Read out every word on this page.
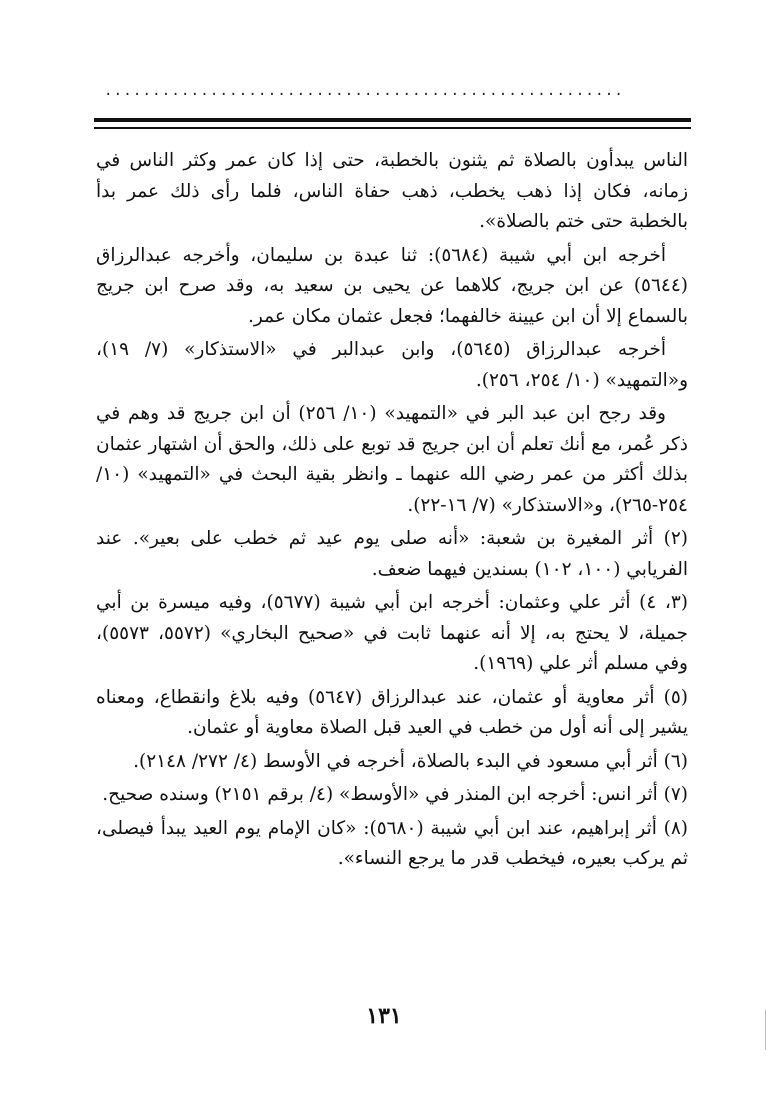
......................................................

الناس يبدأون بالصلاة ثم يثنون بالخطبة، حتى إذا كان عمر وكثر الناس في زمانه، فكان إذا ذهب يخطب، ذهب حفاة الناس، فلما رأى ذلك عمر بدأ بالخطبة حتى ختم بالصلاة».

أخرجه ابن أبي شيبة (٥٦٨٤): ثنا عبدة بن سليمان، وأخرجه عبدالرزاق (٥٦٤٤) عن ابن جريج، كلاهما عن يحيى بن سعيد به، وقد صرح ابن جريج بالسماع إلا أن ابن عيينة خالفهما؛ فجعل عثمان مكان عمر.

أخرجه عبدالرزاق (٥٦٤٥)، وابن عبدالبر في «الاستذكار» (٧/ ١٩)، و«التمهيد» (١٠/ ٢٥٤، ٢٥٦).

وقد رجح ابن عبد البر في «التمهيد» (١٠/ ٢٥٦) أن ابن جريج قد وهم في ذكر عُمر، مع أنك تعلم أن ابن جريج قد توبع على ذلك، والحق أن اشتهار عثمان بذلك أكثر من عمر رضي الله عنهما ـ وانظر بقية البحث في «التمهيد» (١٠/ ٢٥٤-٢٦٥)، و«الاستذكار» (٧/ ١٦-٢٢).

(٢) أثر المغيرة بن شعبة: «أنه صلى يوم عيد ثم خطب على بعير». عند الفريابي (١٠٠، ١٠٢) بسندين فيهما ضعف.

(٣، ٤) أثر علي وعثمان: أخرجه ابن أبي شيبة (٥٦٧٧)، وفيه ميسرة بن أبي جميلة، لا يحتج به، إلا أنه عنهما ثابت في «صحيح البخاري» (٥٥٧٢، ٥٥٧٣)، وفي مسلم أثر علي (١٩٦٩).

(٥) أثر معاوية أو عثمان، عند عبدالرزاق (٥٦٤٧) وفيه بلاغ وانقطاع، ومعناه يشير إلى أنه أول من خطب في العيد قبل الصلاة معاوية أو عثمان.

(٦) أثر أبي مسعود في البدء بالصلاة، أخرجه في الأوسط (٤/ ٢٧٢/ ٢١٤٨).

(٧) أثر انس: أخرجه ابن المنذر في «الأوسط» (٤/ برقم ٢١٥١) وسنده صحيح.

(٨) أثر إبراهيم، عند ابن أبي شيبة (٥٦٨٠): «كان الإمام يوم العيد يبدأ فيصلى، ثم يركب بعيره، فيخطب قدر ما يرجع النساء».

١٣١
